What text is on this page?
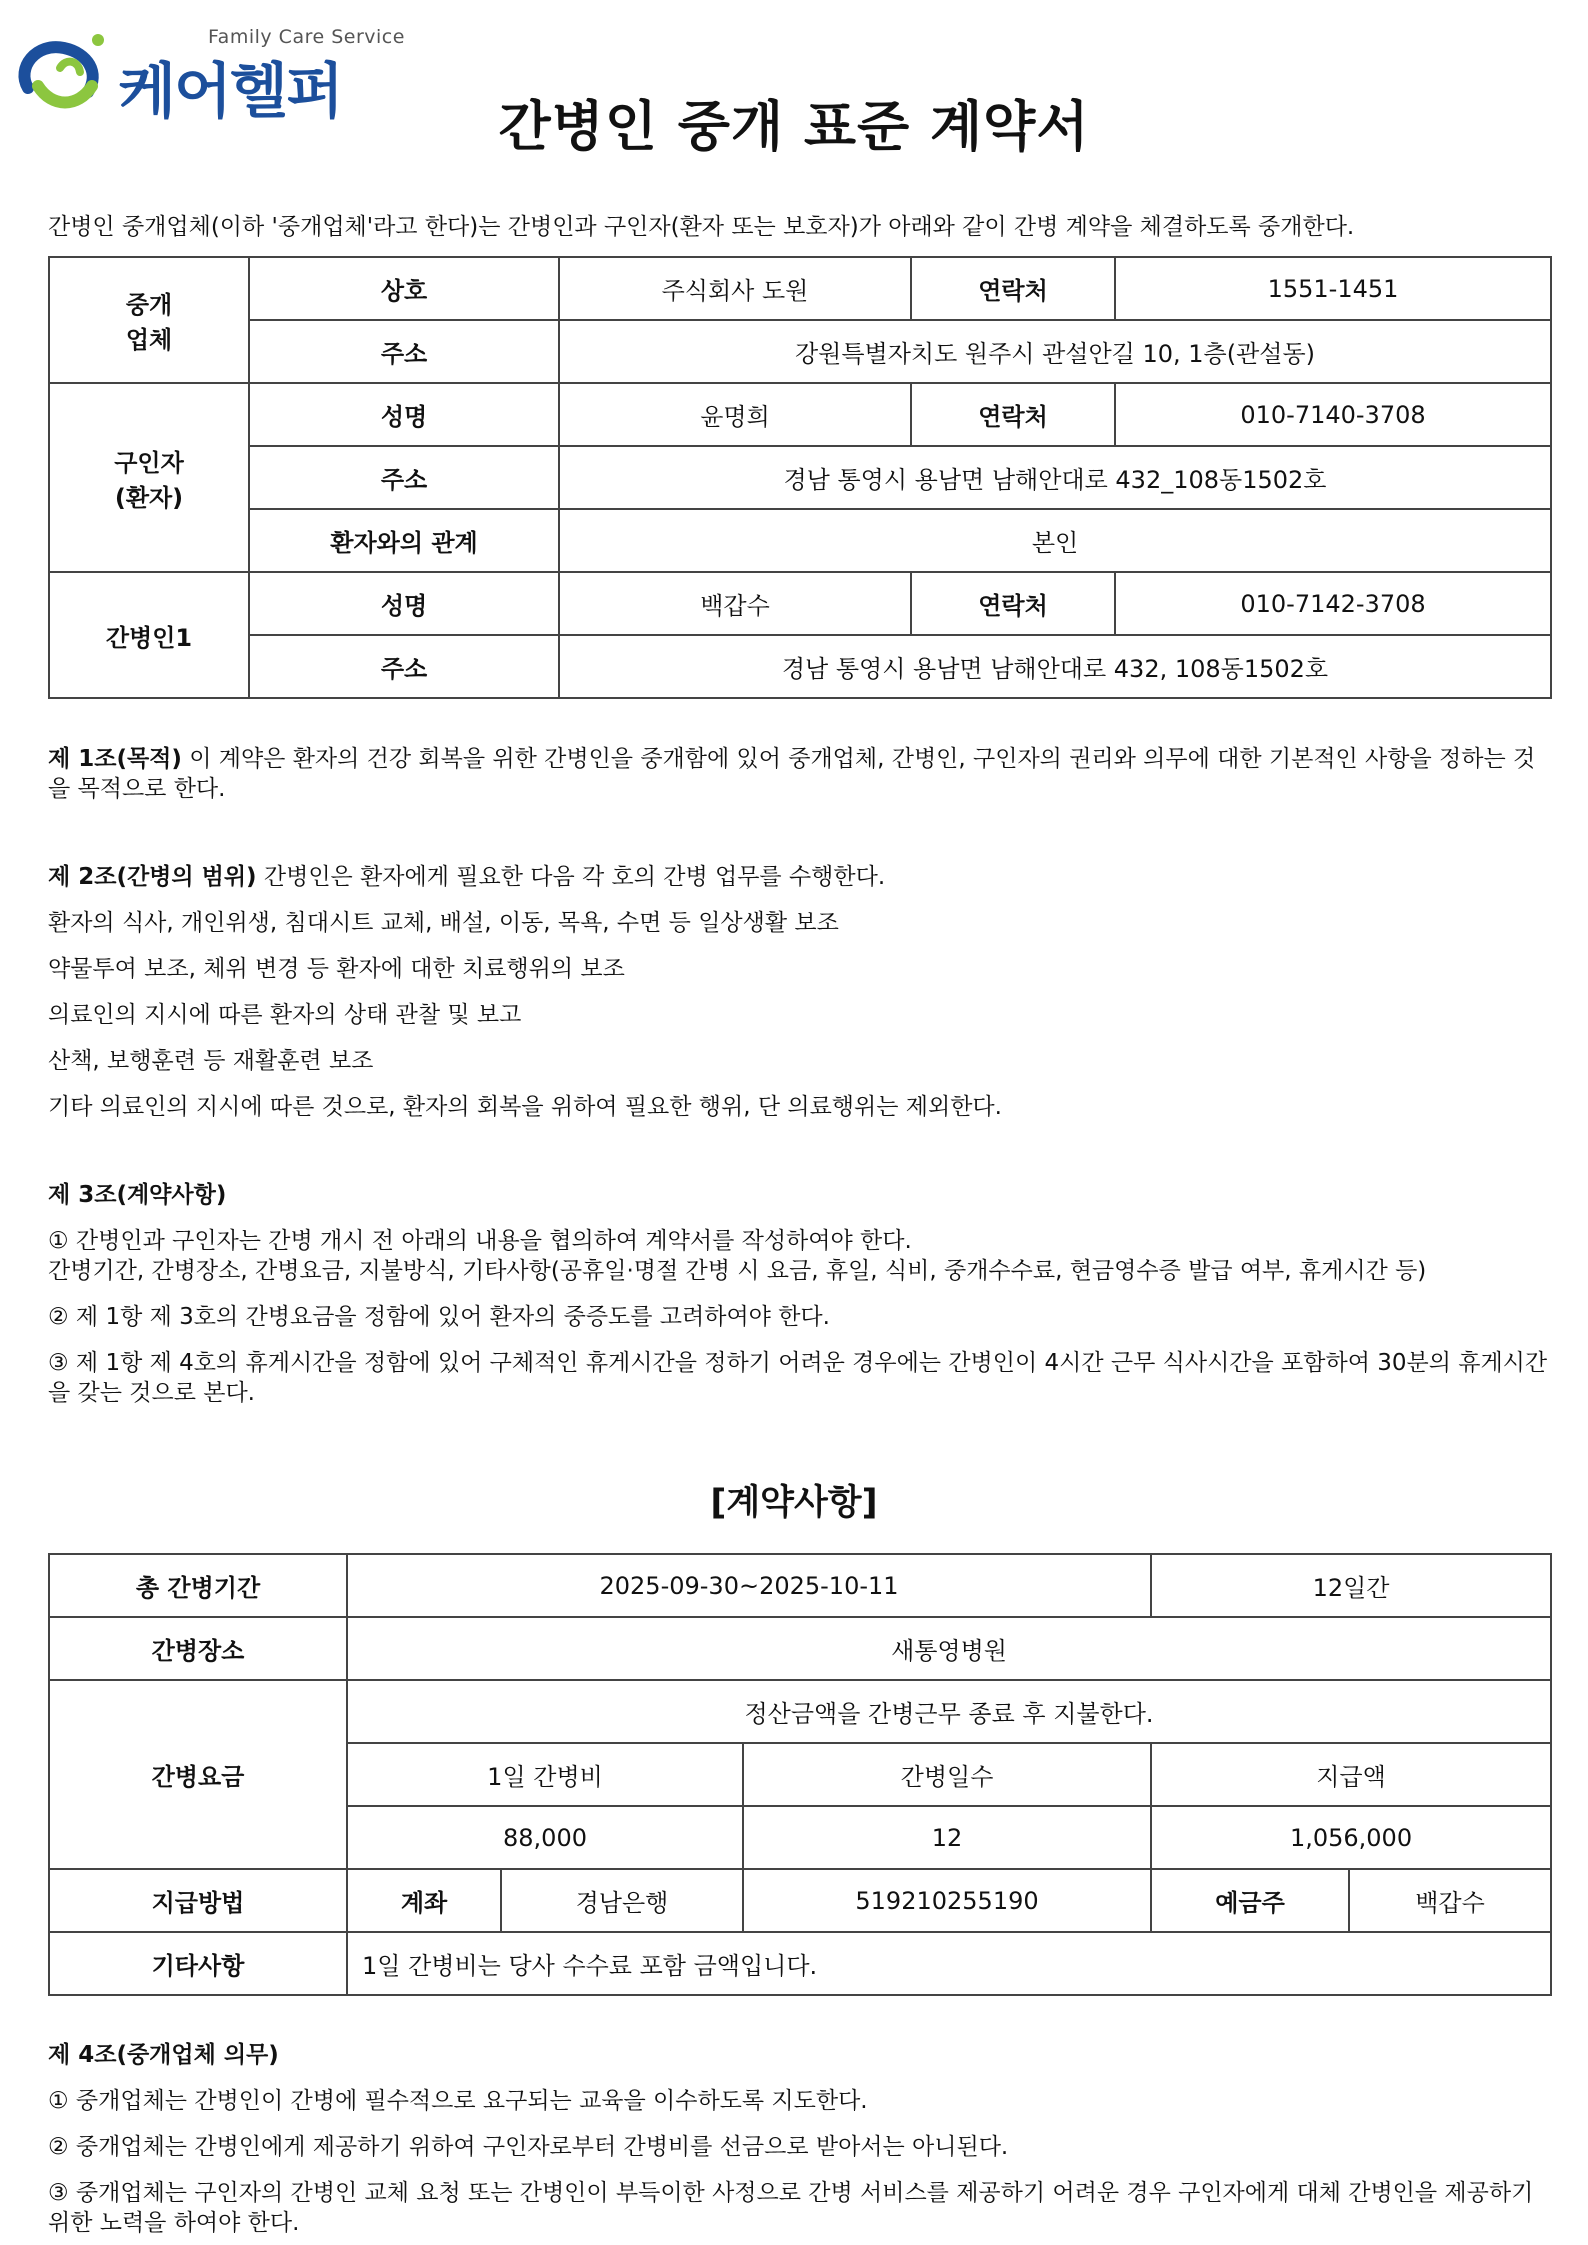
Family Care Service
케어헬퍼	간병인 중개 표준 계약서
간병인 중개업체(이하 '중개업체'라고 한다)는 간병인과 구인자(환자 또는 보호자)가 아래와 같이 간병 계약을 체결하도록 중개한다.
중개
업체	상호	주식회사 도원	연락처	1551-1451
	주소	강원특별자치도 원주시 관설안길 10, 1층(관설동)		
구인자
(환자)	성명	윤명희	연락처	010-7140-3708
	주소	경남 통영시 용남면 남해안대로 432_108동1502호		
	환자와의 관계	본인		
간병인1	성명	백갑수	연락처	010-7142-3708
	주소	경남 통영시 용남면 남해안대로 432, 108동1502호		
제 1조(목적) 이 계약은 환자의 건강 회복을 위한 간병인을 중개함에 있어 중개업체, 간병인, 구인자의 권리와 의무에 대한 기본적인 사항을 정하는 것을 목적으로 한다.
제 2조(간병의 범위) 간병인은 환자에게 필요한 다음 각 호의 간병 업무를 수행한다.
환자의 식사, 개인위생, 침대시트 교체, 배설, 이동, 목욕, 수면 등 일상생활 보조
약물투여 보조, 체위 변경 등 환자에 대한 치료행위의 보조
의료인의 지시에 따른 환자의 상태 관찰 및 보고
산책, 보행훈련 등 재활훈련 보조
기타 의료인의 지시에 따른 것으로, 환자의 회복을 위하여 필요한 행위, 단 의료행위는 제외한다.
제 3조(계약사항)
① 간병인과 구인자는 간병 개시 전 아래의 내용을 협의하여 계약서를 작성하여야 한다.
간병기간, 간병장소, 간병요금, 지불방식, 기타사항(공휴일·명절 간병 시 요금, 휴일, 식비, 중개수수료, 현금영수증 발급 여부, 휴게시간 등)
② 제 1항 제 3호의 간병요금을 정함에 있어 환자의 중증도를 고려하여야 한다.
③ 제 1항 제 4호의 휴게시간을 정함에 있어 구체적인 휴게시간을 정하기 어려운 경우에는 간병인이 4시간 근무 식사시간을 포함하여 30분의 휴게시간을 갖는 것으로 본다.
[계약사항]
총 간병기간	2025-09-30~2025-10-11			12일간	
간병장소	새통영병원				
간병요금	정산금액을 간병근무 종료 후 지불한다.				
	1일 간병비		간병일수	지급액	
	88,000		12	1,056,000	
지급방법	계좌	경남은행	519210255190	예금주	백갑수
기타사항	1일 간병비는 당사 수수료 포함 금액입니다.				
제 4조(중개업체 의무)
① 중개업체는 간병인이 간병에 필수적으로 요구되는 교육을 이수하도록 지도한다.
② 중개업체는 간병인에게 제공하기 위하여 구인자로부터 간병비를 선금으로 받아서는 아니된다.
③ 중개업체는 구인자의 간병인 교체 요청 또는 간병인이 부득이한 사정으로 간병 서비스를 제공하기 어려운 경우 구인자에게 대체 간병인을 제공하기 위한 노력을 하여야 한다.
